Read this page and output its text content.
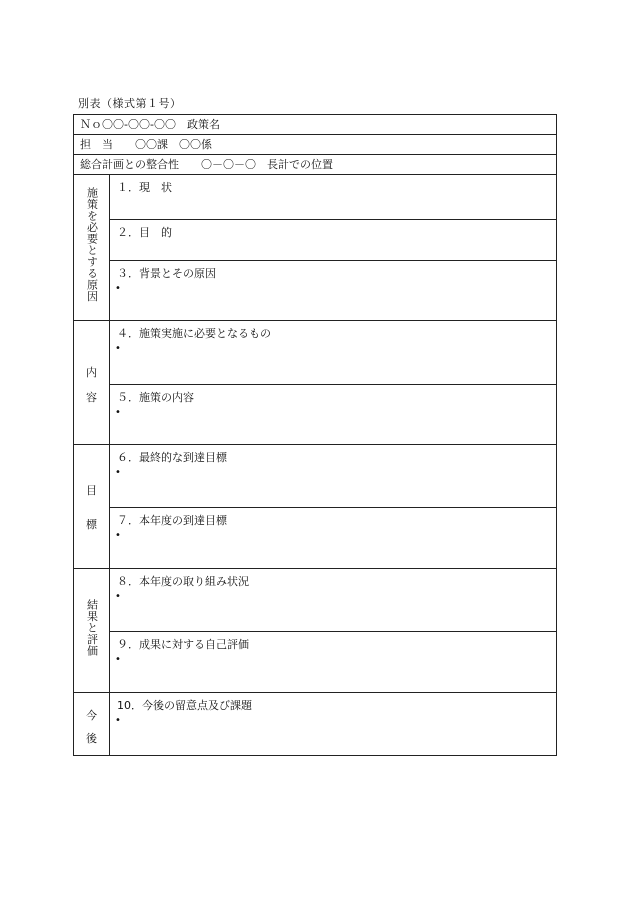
別表（様式第１号）
Ｎｏ〇〇-〇〇-〇〇　政策名
担　当　　〇〇課　〇〇係
総合計画との整合性　　〇－〇－〇　長計での位置
施策を必要とする原因 １．現　状
２．目　的
３．背景とその原因
•
内
容
４．施策実施に必要となるもの
•
５．施策の内容
•
目
標
６．最終的な到達目標
•
７．本年度の到達目標
•
結果と評価
８．本年度の取り組み状況
•
９．成果に対する自己評価
•
今
後
10．今後の留意点及び課題
•
